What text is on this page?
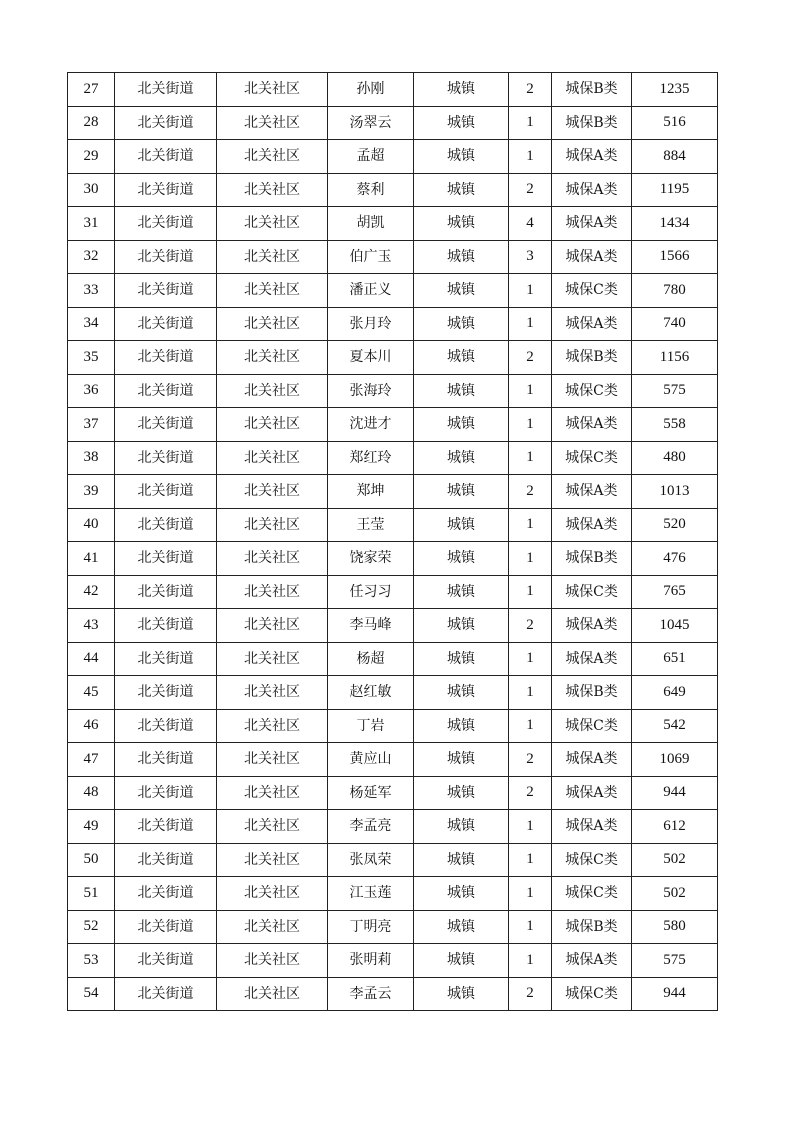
27	北关街道	北关社区	孙刚	城镇	2	城保B类	1235
28	北关街道	北关社区	汤翠云	城镇	1	城保B类	516
29	北关街道	北关社区	孟超	城镇	1	城保A类	884
30	北关街道	北关社区	蔡利	城镇	2	城保A类	1195
31	北关街道	北关社区	胡凯	城镇	4	城保A类	1434
32	北关街道	北关社区	伯广玉	城镇	3	城保A类	1566
33	北关街道	北关社区	潘正义	城镇	1	城保C类	780
34	北关街道	北关社区	张月玲	城镇	1	城保A类	740
35	北关街道	北关社区	夏本川	城镇	2	城保B类	1156
36	北关街道	北关社区	张海玲	城镇	1	城保C类	575
37	北关街道	北关社区	沈进才	城镇	1	城保A类	558
38	北关街道	北关社区	郑红玲	城镇	1	城保C类	480
39	北关街道	北关社区	郑坤	城镇	2	城保A类	1013
40	北关街道	北关社区	王莹	城镇	1	城保A类	520
41	北关街道	北关社区	饶家荣	城镇	1	城保B类	476
42	北关街道	北关社区	任习习	城镇	1	城保C类	765
43	北关街道	北关社区	李马峰	城镇	2	城保A类	1045
44	北关街道	北关社区	杨超	城镇	1	城保A类	651
45	北关街道	北关社区	赵红敏	城镇	1	城保B类	649
46	北关街道	北关社区	丁岩	城镇	1	城保C类	542
47	北关街道	北关社区	黄应山	城镇	2	城保A类	1069
48	北关街道	北关社区	杨延军	城镇	2	城保A类	944
49	北关街道	北关社区	李孟亮	城镇	1	城保A类	612
50	北关街道	北关社区	张凤荣	城镇	1	城保C类	502
51	北关街道	北关社区	江玉莲	城镇	1	城保C类	502
52	北关街道	北关社区	丁明亮	城镇	1	城保B类	580
53	北关街道	北关社区	张明莉	城镇	1	城保A类	575
54	北关街道	北关社区	李孟云	城镇	2	城保C类	944
